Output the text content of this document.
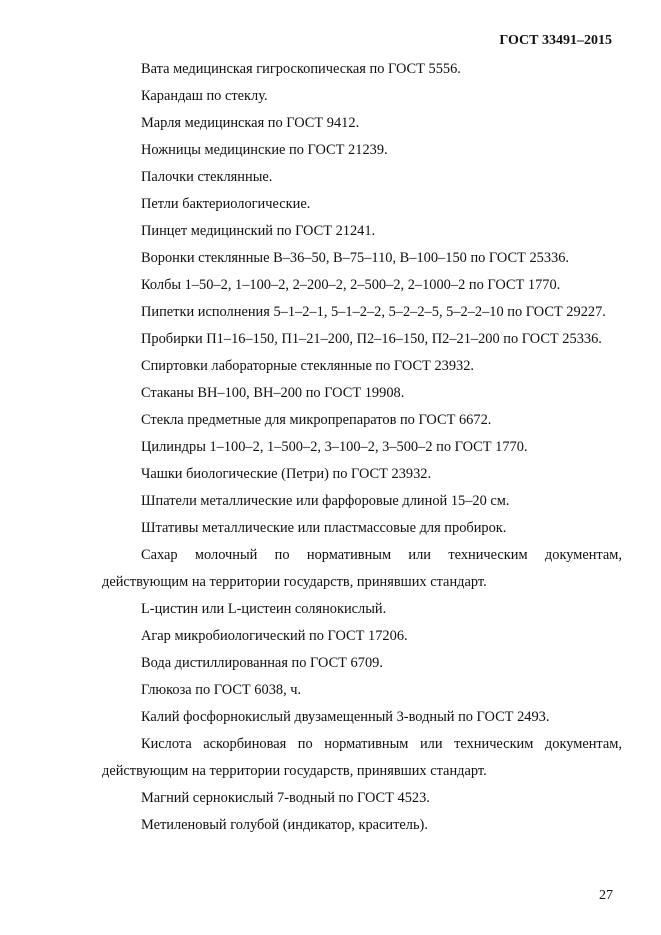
ГОСТ 33491–2015

Вата медицинская гигроскопическая по ГОСТ 5556.

Карандаш по стеклу.

Марля медицинская по ГОСТ 9412.

Ножницы медицинские по ГОСТ 21239.

Палочки стеклянные.

Петли бактериологические.

Пинцет медицинский по ГОСТ 21241.

Воронки стеклянные В–36–50, В–75–110, В–100–150 по ГОСТ 25336.

Колбы 1–50–2, 1–100–2, 2–200–2, 2–500–2, 2–1000–2 по ГОСТ 1770.

Пипетки исполнения 5–1–2–1, 5–1–2–2, 5–2–2–5, 5–2–2–10 по ГОСТ 29227.

Пробирки П1–16–150, П1–21–200, П2–16–150, П2–21–200 по ГОСТ 25336.

Спиртовки лабораторные стеклянные по ГОСТ 23932.

Стаканы ВН–100, ВН–200 по ГОСТ 19908.

Стекла предметные для микропрепаратов по ГОСТ 6672.

Цилиндры 1–100–2, 1–500–2, 3–100–2, 3–500–2 по ГОСТ 1770.

Чашки биологические (Петри) по ГОСТ 23932.

Шпатели металлические или фарфоровые длиной 15–20 см.

Штативы металлические или пластмассовые для пробирок.

Сахар молочный по нормативным или техническим документам, действующим на территории государств, принявших стандарт.

L-цистин или L-цистеин солянокислый.

Агар микробиологический по ГОСТ 17206.

Вода дистиллированная по ГОСТ 6709.

Глюкоза по ГОСТ 6038, ч.

Калий фосфорнокислый двузамещенный 3-водный по ГОСТ 2493.

Кислота аскорбиновая по нормативным или техническим документам, действующим на территории государств, принявших стандарт.

Магний сернокислый 7-водный по ГОСТ 4523.

Метиленовый голубой (индикатор, краситель).

27
